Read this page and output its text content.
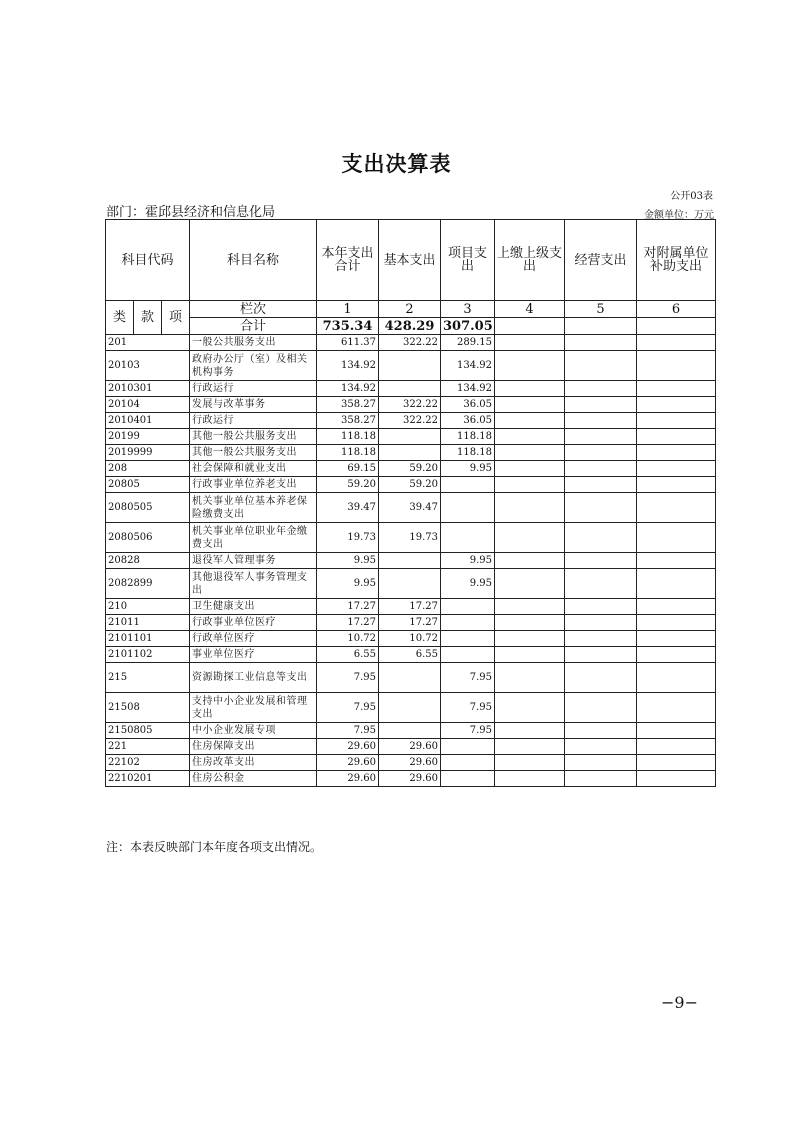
支出决算表
公开03表
部门：霍邱县经济和信息化局	金额单位：万元
科目代码			科目名称	本年支出合计	基本支出	项目支出	上缴上级支出	经营支出	对附属单位补助支出
类	款	项	栏次	1	2	3	4	5	6
			合计	735.34	428.29	307.05			
201			一般公共服务支出	611.37	322.22	289.15			
20103			政府办公厅（室）及相关机构事务	134.92		134.92			
2010301			行政运行	134.92		134.92			
20104			发展与改革事务	358.27	322.22	36.05			
2010401			行政运行	358.27	322.22	36.05			
20199			其他一般公共服务支出	118.18		118.18			
2019999			其他一般公共服务支出	118.18		118.18			
208			社会保障和就业支出	69.15	59.20	9.95			
20805			行政事业单位养老支出	59.20	59.20				
2080505			机关事业单位基本养老保险缴费支出	39.47	39.47				
2080506			机关事业单位职业年金缴费支出	19.73	19.73				
20828			退役军人管理事务	9.95		9.95			
2082899			其他退役军人事务管理支出	9.95		9.95			
210			卫生健康支出	17.27	17.27				
21011			行政事业单位医疗	17.27	17.27				
2101101			行政单位医疗	10.72	10.72				
2101102			事业单位医疗	6.55	6.55				
215			资源勘探工业信息等支出	7.95		7.95			
21508			支持中小企业发展和管理支出	7.95		7.95			
2150805			中小企业发展专项	7.95		7.95			
221			住房保障支出	29.60	29.60				
22102			住房改革支出	29.60	29.60				
2210201			住房公积金	29.60	29.60				
注：本表反映部门本年度各项支出情况。
−9−
